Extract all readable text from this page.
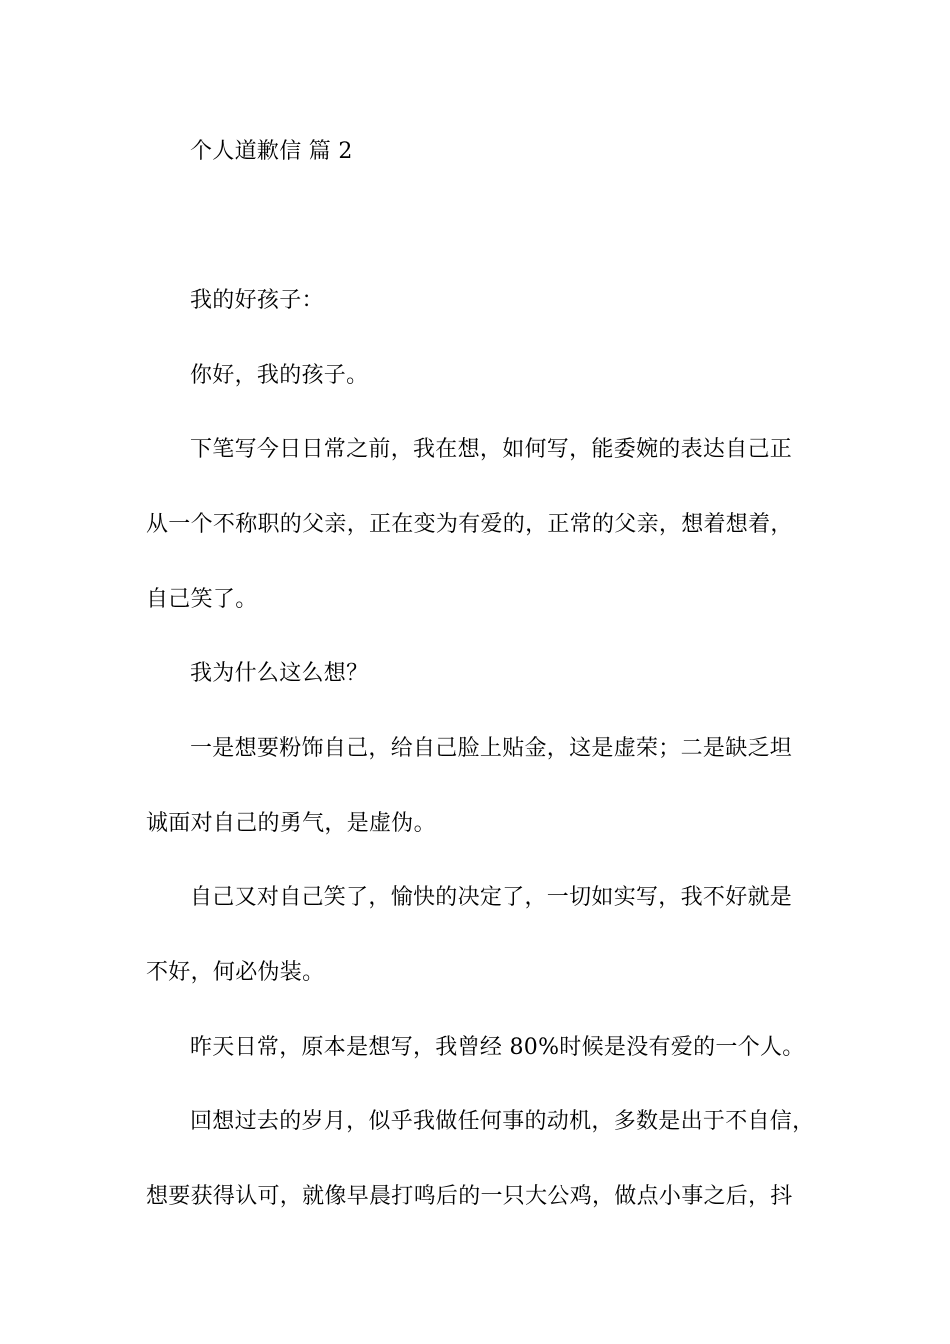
个人道歉信 篇 2
我的好孩子：
你好，我的孩子。
下笔写今日日常之前，我在想，如何写，能委婉的表达自己正
从一个不称职的父亲，正在变为有爱的，正常的父亲，想着想着，
自己笑了。
我为什么这么想？
一是想要粉饰自己，给自己脸上贴金，这是虚荣；二是缺乏坦
诚面对自己的勇气，是虚伪。
自己又对自己笑了，愉快的决定了，一切如实写，我不好就是
不好，何必伪装。
昨天日常，原本是想写，我曾经 80%时候是没有爱的一个人。
回想过去的岁月，似乎我做任何事的动机，多数是出于不自信，
想要获得认可，就像早晨打鸣后的一只大公鸡，做点小事之后，抖
